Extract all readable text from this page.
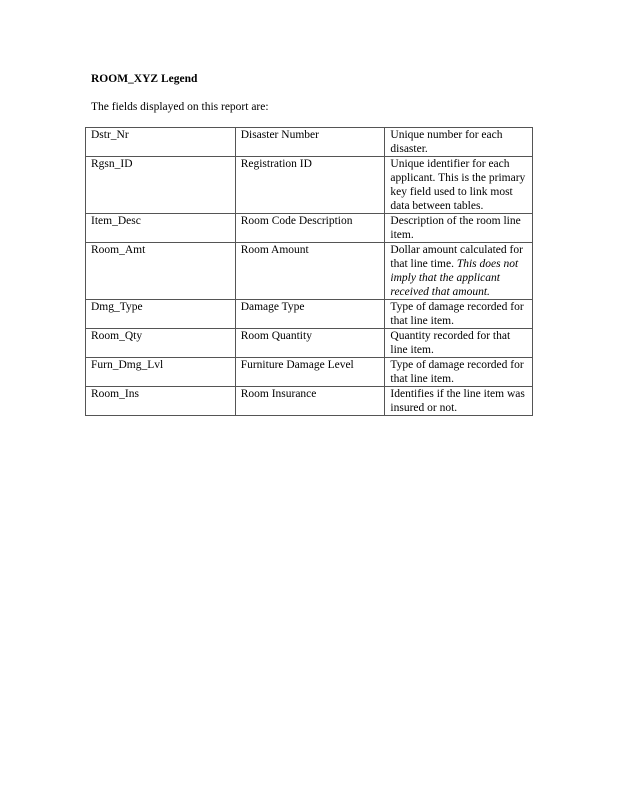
ROOM_XYZ Legend
The fields displayed on this report are:
Dstr_Nr	Disaster Number	Unique number for each disaster.
Rgsn_ID	Registration ID	Unique identifier for each applicant. This is the primary key field used to link most data between tables.
Item_Desc	Room Code Description	Description of the room line item.
Room_Amt	Room Amount	Dollar amount calculated for that line time. This does not imply that the applicant received that amount.
Dmg_Type	Damage Type	Type of damage recorded for that line item.
Room_Qty	Room Quantity	Quantity recorded for that line item.
Furn_Dmg_Lvl	Furniture Damage Level	Type of damage recorded for that line item.
Room_Ins	Room Insurance	Identifies if the line item was insured or not.
